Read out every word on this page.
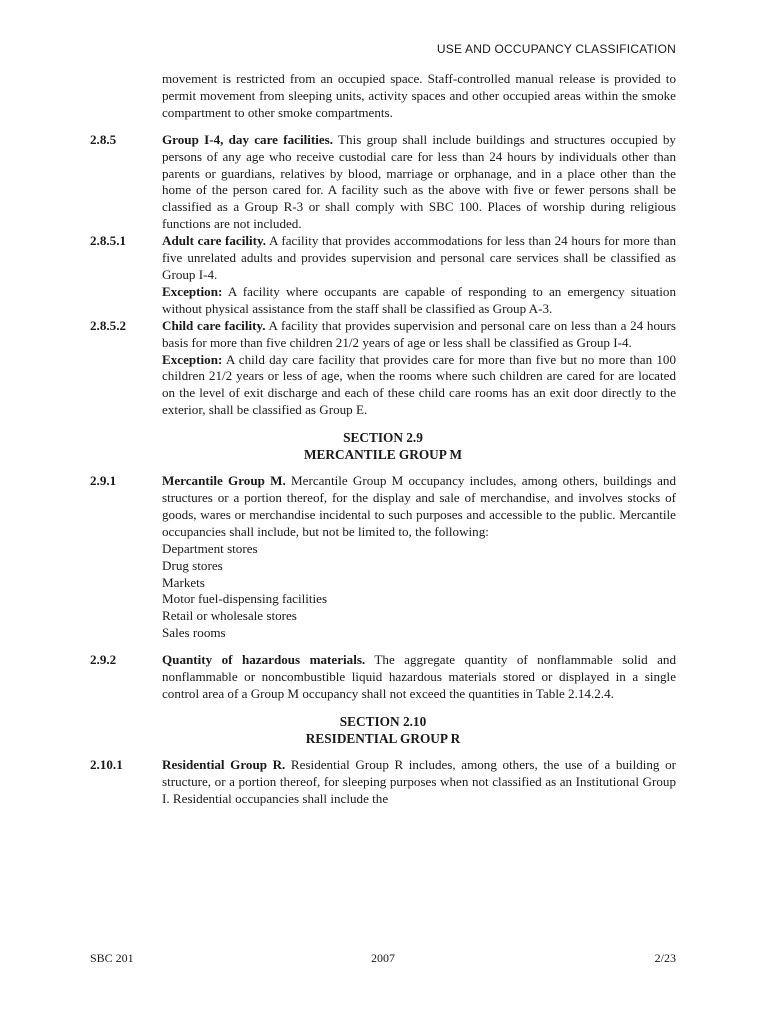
USE AND OCCUPANCY CLASSIFICATION

movement is restricted from an occupied space. Staff-controlled manual release is provided to permit movement from sleeping units, activity spaces and other occupied areas within the smoke compartment to other smoke compartments.

2.8.5	Group I-4, day care facilities. This group shall include buildings and structures occupied by persons of any age who receive custodial care for less than 24 hours by individuals other than parents or guardians, relatives by blood, marriage or orphanage, and in a place other than the home of the person cared for. A facility such as the above with five or fewer persons shall be classified as a Group R-3 or shall comply with SBC 100. Places of worship during religious functions are not included.

2.8.5.1	Adult care facility. A facility that provides accommodations for less than 24 hours for more than five unrelated adults and provides supervision and personal care services shall be classified as Group I-4.

Exception: A facility where occupants are capable of responding to an emergency situation without physical assistance from the staff shall be classified as Group A-3.

2.8.5.2	Child care facility. A facility that provides supervision and personal care on less than a 24 hours basis for more than five children 21/2 years of age or less shall be classified as Group I-4.

Exception: A child day care facility that provides care for more than five but no more than 100 children 21/2 years or less of age, when the rooms where such children are cared for are located on the level of exit discharge and each of these child care rooms has an exit door directly to the exterior, shall be classified as Group E.

SECTION 2.9
MERCANTILE GROUP M
2.9.1	Mercantile Group M. Mercantile Group M occupancy includes, among others, buildings and structures or a portion thereof, for the display and sale of merchandise, and involves stocks of goods, wares or merchandise incidental to such purposes and accessible to the public. Mercantile occupancies shall include, but not be limited to, the following:

Department stores
Drug stores
Markets
Motor fuel-dispensing facilities
Retail or wholesale stores
Sales rooms
2.9.2	Quantity of hazardous materials. The aggregate quantity of nonflammable solid and nonflammable or noncombustible liquid hazardous materials stored or displayed in a single control area of a Group M occupancy shall not exceed the quantities in Table 2.14.2.4.

SECTION 2.10
RESIDENTIAL GROUP R
2.10.1	Residential Group R. Residential Group R includes, among others, the use of a building or structure, or a portion thereof, for sleeping purposes when not classified as an Institutional Group I. Residential occupancies shall include the

SBC 201	2007	2/23
